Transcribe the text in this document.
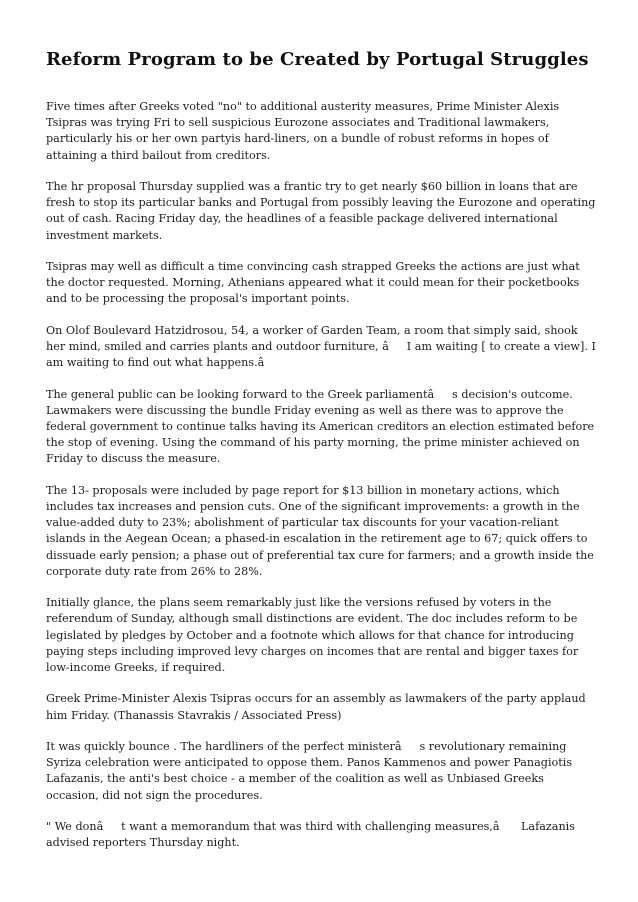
Reform Program to be Created by Portugal Struggles

Five times after Greeks voted "no" to additional austerity measures, Prime Minister Alexis Tsipras was trying Fri to sell suspicious Eurozone associates and Traditional lawmakers, particularly his or her own partyis hard-liners, on a bundle of robust reforms in hopes of attaining a third bailout from creditors.

The hr proposal Thursday supplied was a frantic try to get nearly $60 billion in loans that are fresh to stop its particular banks and Portugal from possibly leaving the Eurozone and operating out of cash. Racing Friday day, the headlines of a feasible package delivered international investment markets.

Tsipras may well as difficult a time convincing cash strapped Greeks the actions are just what the doctor requested. Morning, Athenians appeared what it could mean for their pocketbooks and to be processing the proposal's important points.

On Olof Boulevard Hatzidrosou, 54, a worker of Garden Team, a room that simply said, shook her mind, smiled and carries plants and outdoor furniture, âI am waiting [ to create a view]. I am waiting to find out what happens.â

The general public can be looking forward to the Greek parliamentâs decision's outcome. Lawmakers were discussing the bundle Friday evening as well as there was to approve the federal government to continue talks having its American creditors an election estimated before the stop of evening. Using the command of his party morning, the prime minister achieved on Friday to discuss the measure.

The 13- proposals were included by page report for $13 billion in monetary actions, which includes tax increases and pension cuts. One of the significant improvements: a growth in the value-added duty to 23%; abolishment of particular tax discounts for your vacation-reliant islands in the Aegean Ocean; a phased-in escalation in the retirement age to 67; quick offers to dissuade early pension; a phase out of preferential tax cure for farmers; and a growth inside the corporate duty rate from 26% to 28%.

Initially glance, the plans seem remarkably just like the versions refused by voters in the referendum of Sunday, although small distinctions are evident. The doc includes reform to be legislated by pledges by October and a footnote which allows for that chance for introducing paying steps including improved levy charges on incomes that are rental and bigger taxes for low-income Greeks, if required.

Greek Prime-Minister Alexis Tsipras occurs for an assembly as lawmakers of the party applaud him Friday. (Thanassis Stavrakis / Associated Press)

It was quickly bounce . The hardliners of the perfect ministerâs revolutionary remaining Syriza celebration were anticipated to oppose them. Panos Kammenos and power Panagiotis Lafazanis, the anti's best choice - a member of the coalition as well as Unbiased Greeks occasion, did not sign the procedures.

" We donât want a memorandum that was third with challenging measures,â Lafazanis advised reporters Thursday night.
